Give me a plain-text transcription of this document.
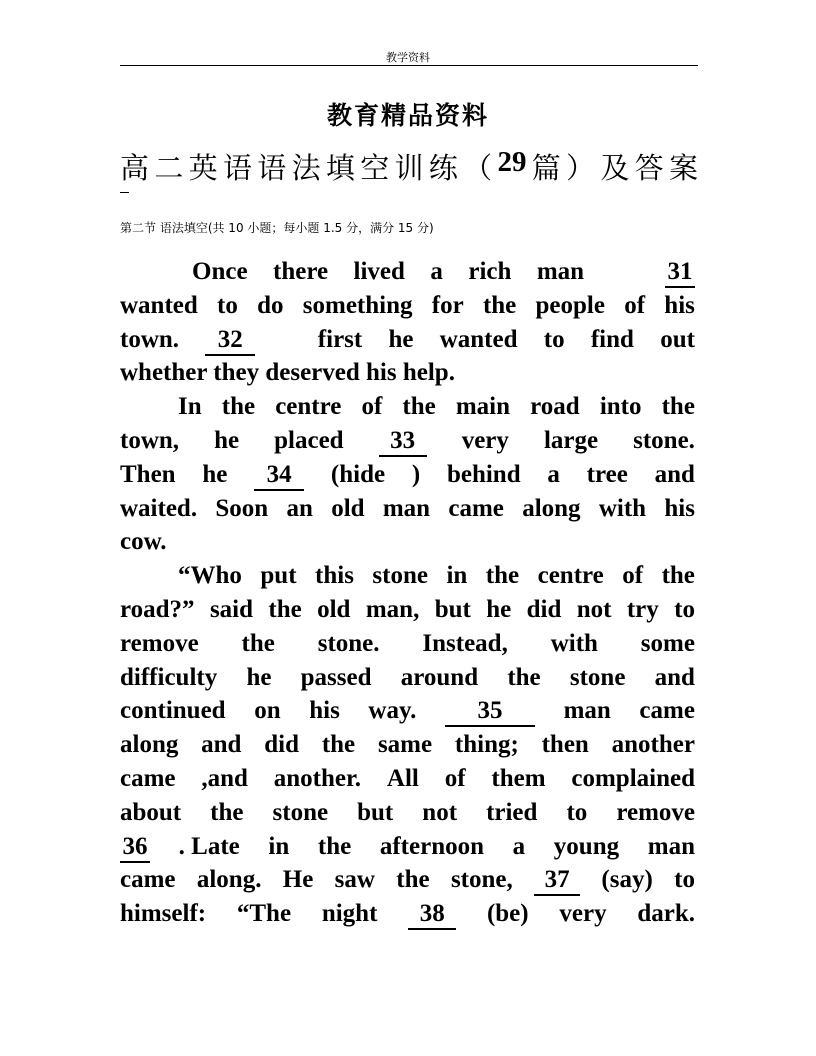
教学资料
教育精品资料
高 二 英 语 语 法 填 空 训 练 （ 29 篇 ） 及 答 案
第二节 语法填空(共 10 小题；每小题 1.5 分，满分 15 分)
Once there lived a rich man	31
wanted to do something for the people of his
town.	32	first he wanted to find out
whether they deserved his help.
In the centre of the main road into the
town, he placed	33	very large stone.
Then he	34	(hide ) behind a tree and
waited. Soon an old man came along with his
cow.
“Who put this stone in the centre of the
road?” said the old man, but he did not try to
remove the stone. Instead, with some
difficulty he passed around the stone and
continued on his way.	35	man came
along and did the same thing; then another
came ,and another. All of them complained
about the stone but not tried to remove
36 . Late in the afternoon a young man
came along. He saw the stone,	37	(say) to
himself: “The night	38	(be) very dark.
